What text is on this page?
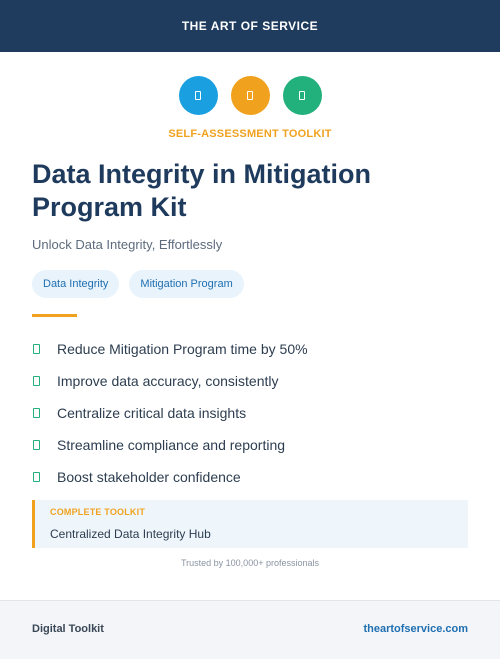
THE ART OF SERVICE
SELF-ASSESSMENT TOOLKIT
Data Integrity in Mitigation Program Kit
Unlock Data Integrity, Effortlessly
Data Integrity	Mitigation Program
Reduce Mitigation Program time by 50%
Improve data accuracy, consistently
Centralize critical data insights
Streamline compliance and reporting
Boost stakeholder confidence
COMPLETE TOOLKIT
Centralized Data Integrity Hub
Trusted by 100,000+ professionals
Digital Toolkit	theartofservice.com
